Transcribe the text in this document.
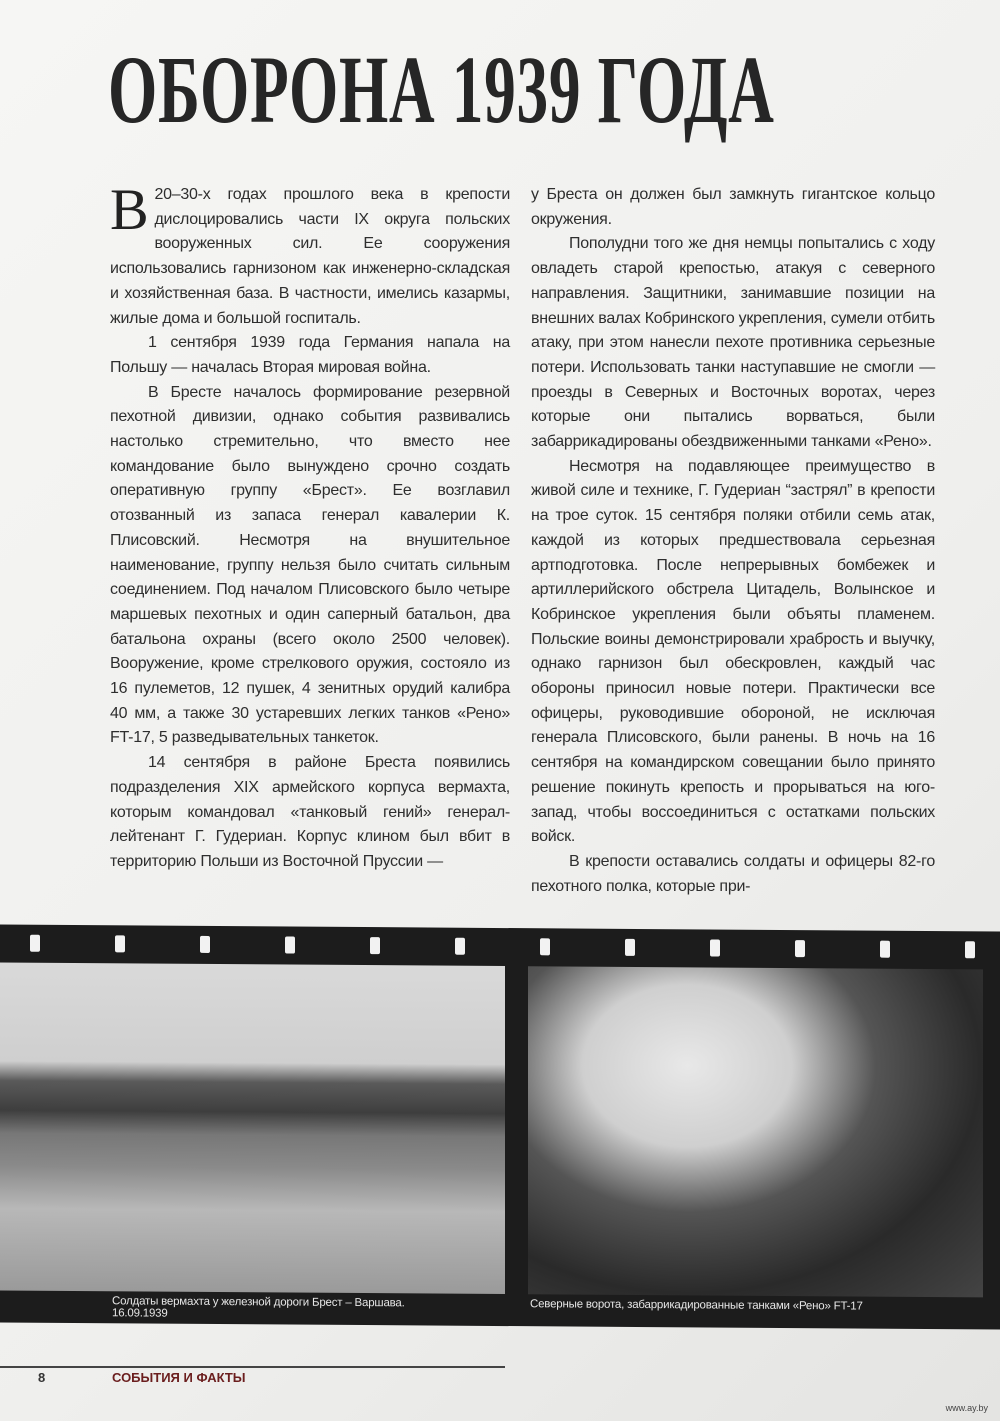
ОБОРОНА 1939 ГОДА

В 20–30-х годах прошлого века в крепости дислоцировались части IX округа польских вооруженных сил. Ее сооружения использовались гарнизоном как инженерно-складская и хозяйственная база. В частности, имелись казармы, жилые дома и большой госпиталь.

1 сентября 1939 года Германия напала на Польшу — началась Вторая мировая война.

В Бресте началось формирование резервной пехотной дивизии, однако события развивались настолько стремительно, что вместо нее командование было вынуждено срочно создать оперативную группу «Брест». Ее возглавил отозванный из запаса генерал кавалерии К. Плисовский. Несмотря на внушительное наименование, группу нельзя было считать сильным соединением. Под началом Плисовского было четыре маршевых пехотных и один саперный батальон, два батальона охраны (всего около 2500 человек). Вооружение, кроме стрелкового оружия, состояло из 16 пулеметов, 12 пушек, 4 зенитных орудий калибра 40 мм, а также 30 устаревших легких танков «Рено» FT-17, 5 разведывательных танкеток.

14 сентября в районе Бреста появились подразделения XIX армейского корпуса вермахта, которым командовал «танковый гений» генерал-лейтенант Г. Гудериан. Корпус клином был вбит в территорию Польши из Восточной Пруссии —

у Бреста он должен был замкнуть гигантское кольцо окружения.

Пополудни того же дня немцы попытались с ходу овладеть старой крепостью, атакуя с северного направления. Защитники, занимавшие позиции на внешних валах Кобринского укрепления, сумели отбить атаку, при этом нанесли пехоте противника серьезные потери. Использовать танки наступавшие не смогли — проезды в Северных и Восточных воротах, через которые они пытались ворваться, были забаррикадированы обездвиженными танками «Рено».

Несмотря на подавляющее преимущество в живой силе и технике, Г. Гудериан “застрял” в крепости на трое суток. 15 сентября поляки отбили семь атак, каждой из которых предшествовала серьезная артподготовка. После непрерывных бомбежек и артиллерийского обстрела Цитадель, Волынское и Кобринское укрепления были объяты пламенем. Польские воины демонстрировали храбрость и выучку, однако гарнизон был обескровлен, каждый час обороны приносил новые потери. Практически все офицеры, руководившие обороной, не исключая генерала Плисовского, были ранены. В ночь на 16 сентября на командирском совещании было принято решение покинуть крепость и прорываться на юго-запад, чтобы воссоединиться с остатками польских войск.

В крепости оставались солдаты и офицеры 82-го пехотного полка, которые при-

Солдаты вермахта у железной дороги Брест – Варшава.
16.09.1939
Северные ворота, забаррикадированные танками «Рено» FT-17
8	СОБЫТИЯ И ФАКТЫ
www.ay.by
